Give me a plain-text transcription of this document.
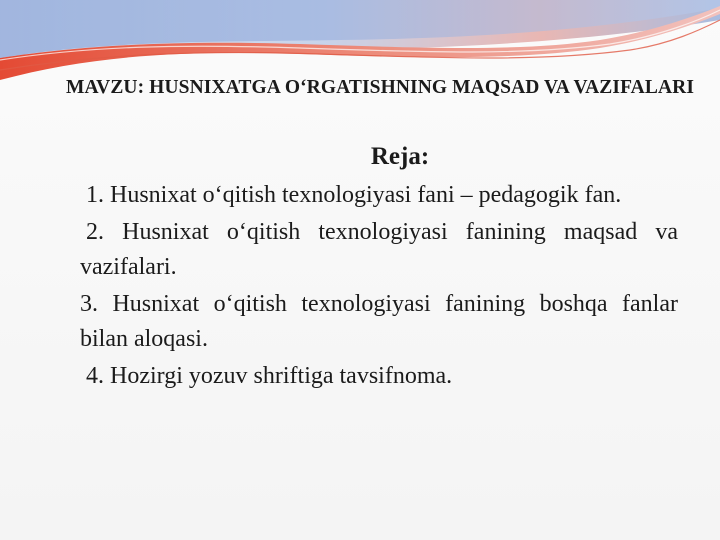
MAVZU: HUSNIXATGA O‘RGATISHNING MAQSAD VA VAZIFALARI
Reja:

1. Husnixat o‘qitish texnologiyasi fani – pedagogik fan.

2. Husnixat o‘qitish texnologiyasi fanining maqsad va vazifalari.

3. Husnixat o‘qitish texnologiyasi fanining boshqa fanlar bilan aloqasi.

4. Hozirgi yozuv shriftiga tavsifnoma.
